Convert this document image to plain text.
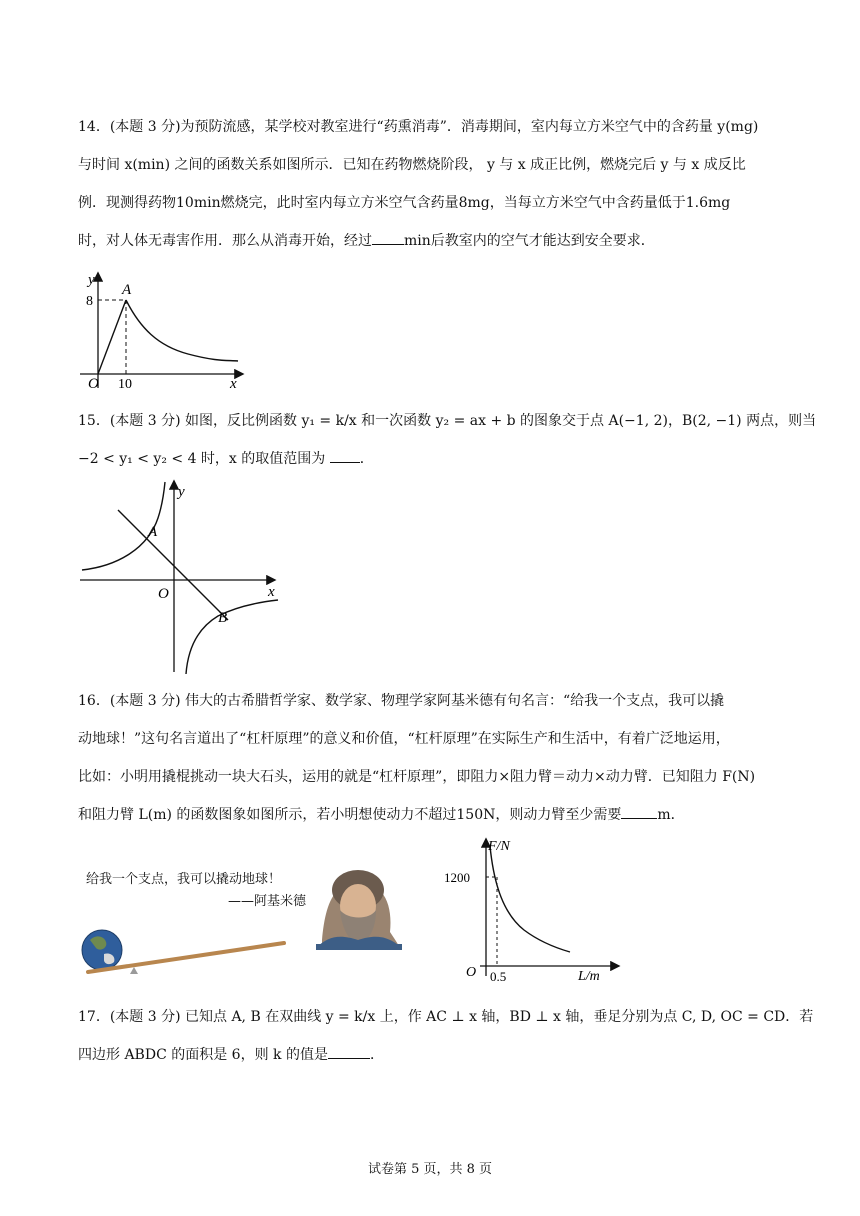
14．(本题 3 分)为预防流感，某学校对教室进行“药熏消毒”．消毒期间，室内每立方米空气中的含药量 y(mg)

与时间 x(min) 之间的函数关系如图所示．已知在药物燃烧阶段， y 与 x 成正比例，燃烧完后 y 与 x 成反比

例．现测得药物10min燃烧完，此时室内每立方米空气含药量8mg，当每立方米空气中含药量低于1.6mg

时，对人体无毒害作用．那么从消毒开始，经过 min后教室内的空气才能达到安全要求．

y
x
O
A
8
10

15．(本题 3 分) 如图，反比例函数 y₁ = k/x 和一次函数 y₂ = ax + b 的图象交于点 A(−1, 2)，B(2, −1) 两点，则当

−2 < y₁ < y₂ < 4 时，x 的取值范围为 ．

y
x
O
A
B

16．(本题 3 分) 伟大的古希腊哲学家、数学家、物理学家阿基米德有句名言：“给我一个支点，我可以撬

动地球！”这句名言道出了“杠杆原理”的意义和价值，“杠杆原理”在实际生产和生活中，有着广泛地运用，

比如：小明用撬棍挑动一块大石头，运用的就是“杠杆原理”，即阻力×阻力臂＝动力×动力臂．已知阻力 F(N)

和阻力臂 L(m) 的函数图象如图所示，若小明想使动力不超过150N，则动力臂至少需要	m．

给我一个支点，我可以撬动地球！
——阿基米德
F/N
L/m
O
1200
0.5

17．(本题 3 分) 已知点 A, B 在双曲线 y = k/x 上，作 AC ⊥ x 轴，BD ⊥ x 轴，垂足分别为点 C, D, OC = CD．若

四边形 ABDC 的面积是 6，则 k 的值是	．

试卷第 5 页，共 8 页
